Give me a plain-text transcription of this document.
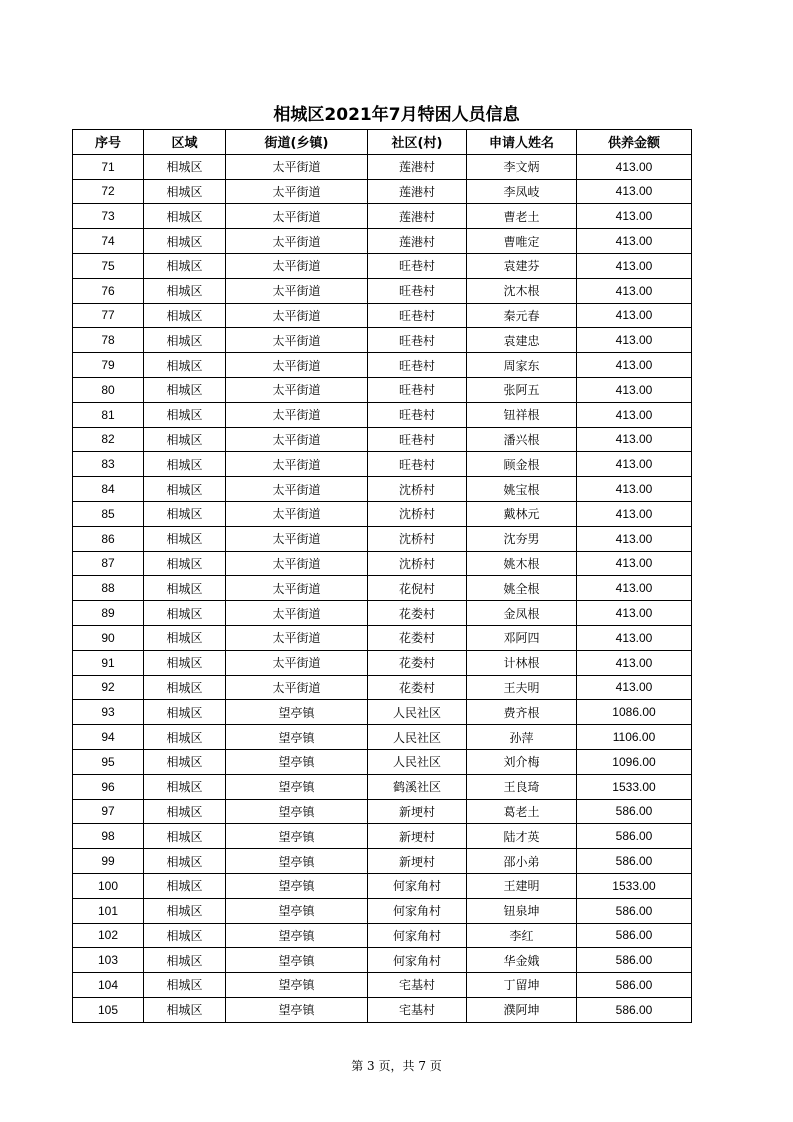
相城区2021年7月特困人员信息
序号	区域	街道(乡镇)	社区(村)	申请人姓名	供养金额
71	相城区	太平街道	莲港村	李文炳	413.00
72	相城区	太平街道	莲港村	李凤岐	413.00
73	相城区	太平街道	莲港村	曹老土	413.00
74	相城区	太平街道	莲港村	曹唯定	413.00
75	相城区	太平街道	旺巷村	袁建芬	413.00
76	相城区	太平街道	旺巷村	沈木根	413.00
77	相城区	太平街道	旺巷村	秦元春	413.00
78	相城区	太平街道	旺巷村	袁建忠	413.00
79	相城区	太平街道	旺巷村	周家东	413.00
80	相城区	太平街道	旺巷村	张阿五	413.00
81	相城区	太平街道	旺巷村	钮祥根	413.00
82	相城区	太平街道	旺巷村	潘兴根	413.00
83	相城区	太平街道	旺巷村	顾金根	413.00
84	相城区	太平街道	沈桥村	姚宝根	413.00
85	相城区	太平街道	沈桥村	戴林元	413.00
86	相城区	太平街道	沈桥村	沈夯男	413.00
87	相城区	太平街道	沈桥村	姚木根	413.00
88	相城区	太平街道	花倪村	姚全根	413.00
89	相城区	太平街道	花娄村	金凤根	413.00
90	相城区	太平街道	花娄村	邓阿四	413.00
91	相城区	太平街道	花娄村	计林根	413.00
92	相城区	太平街道	花娄村	王夫明	413.00
93	相城区	望亭镇	人民社区	费齐根	1086.00
94	相城区	望亭镇	人民社区	孙萍	1106.00
95	相城区	望亭镇	人民社区	刘介梅	1096.00
96	相城区	望亭镇	鹤溪社区	王良琦	1533.00
97	相城区	望亭镇	新埂村	葛老土	586.00
98	相城区	望亭镇	新埂村	陆才英	586.00
99	相城区	望亭镇	新埂村	邵小弟	586.00
100	相城区	望亭镇	何家角村	王建明	1533.00
101	相城区	望亭镇	何家角村	钮泉坤	586.00
102	相城区	望亭镇	何家角村	李红	586.00
103	相城区	望亭镇	何家角村	华金娥	586.00
104	相城区	望亭镇	宅基村	丁留坤	586.00
105	相城区	望亭镇	宅基村	濮阿坤	586.00
第 3 页，共 7 页
